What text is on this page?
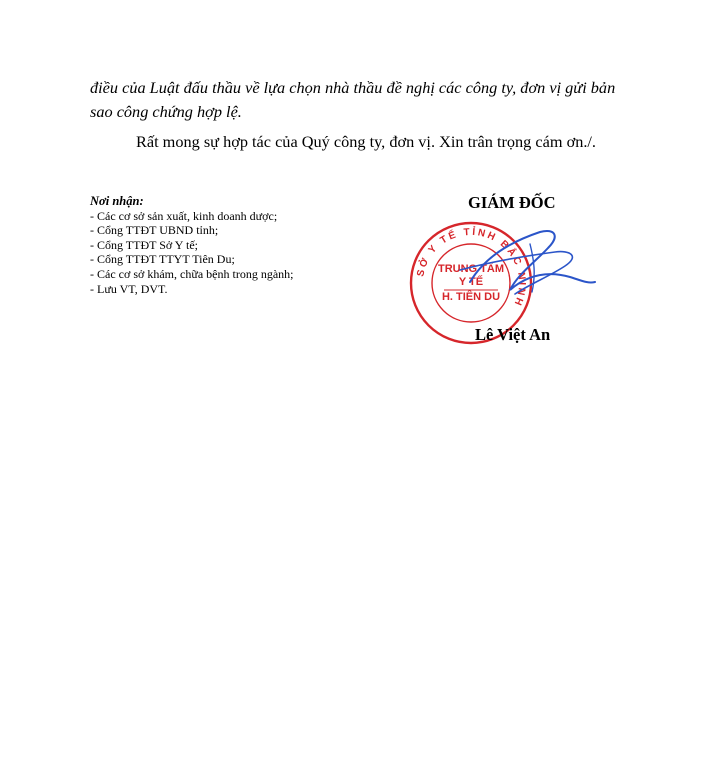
điều của Luật đấu thầu về lựa chọn nhà thầu đề nghị các công ty, đơn vị gửi bản
sao công chứng hợp lệ.
Rất mong sự hợp tác của Quý công ty, đơn vị. Xin trân trọng cám ơn./.
Nơi nhận:
- Các cơ sở sản xuất, kinh doanh dược;
- Cổng TTĐT UBND tỉnh;
- Cổng TTĐT Sở Y tế;
- Cổng TTĐT TTYT Tiên Du;
- Các cơ sở khám, chữa bệnh trong ngành;
- Lưu VT, DVT.
GIÁM ĐỐC
SỞ Y TẾ TỈNH BẮC NINH
TRUNG TÂM
Y TẾ
H. TIÊN DU
Lê Việt An
